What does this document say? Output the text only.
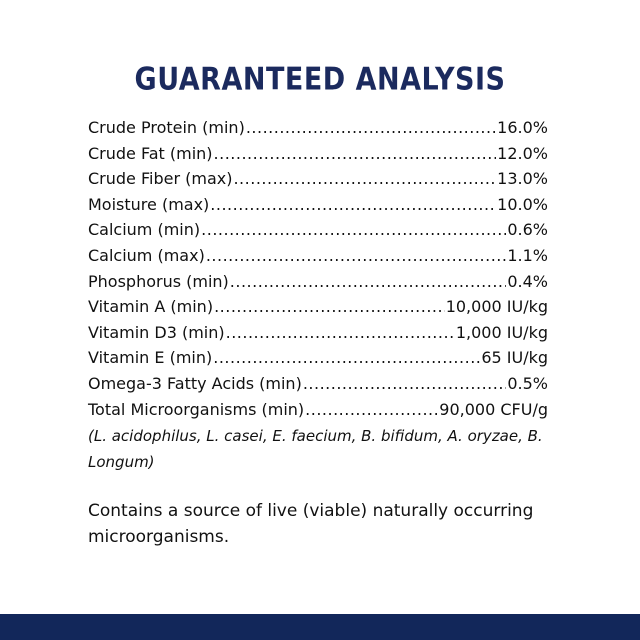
GUARANTEED ANALYSIS
Crude Protein (min) .....	16.0%
Crude Fat (min) .....	12.0%
Crude Fiber (max) .....	13.0%
Moisture (max) .....	10.0%
Calcium (min) .....	0.6%
Calcium (max) .....	1.1%
Phosphorus (min) .....	0.4%
Vitamin A (min) .....	10,000 IU/kg
Vitamin D3 (min) .....	1,000 IU/kg
Vitamin E (min) .....	65 IU/kg
Omega-3 Fatty Acids (min) .....	0.5%
Total Microorganisms (min) .....	90,000 CFU/g
(L. acidophilus, L. casei, E. faecium, B. bifidum, A. oryzae, B. Longum)
Contains a source of live (viable) naturally occurring microorganisms.
